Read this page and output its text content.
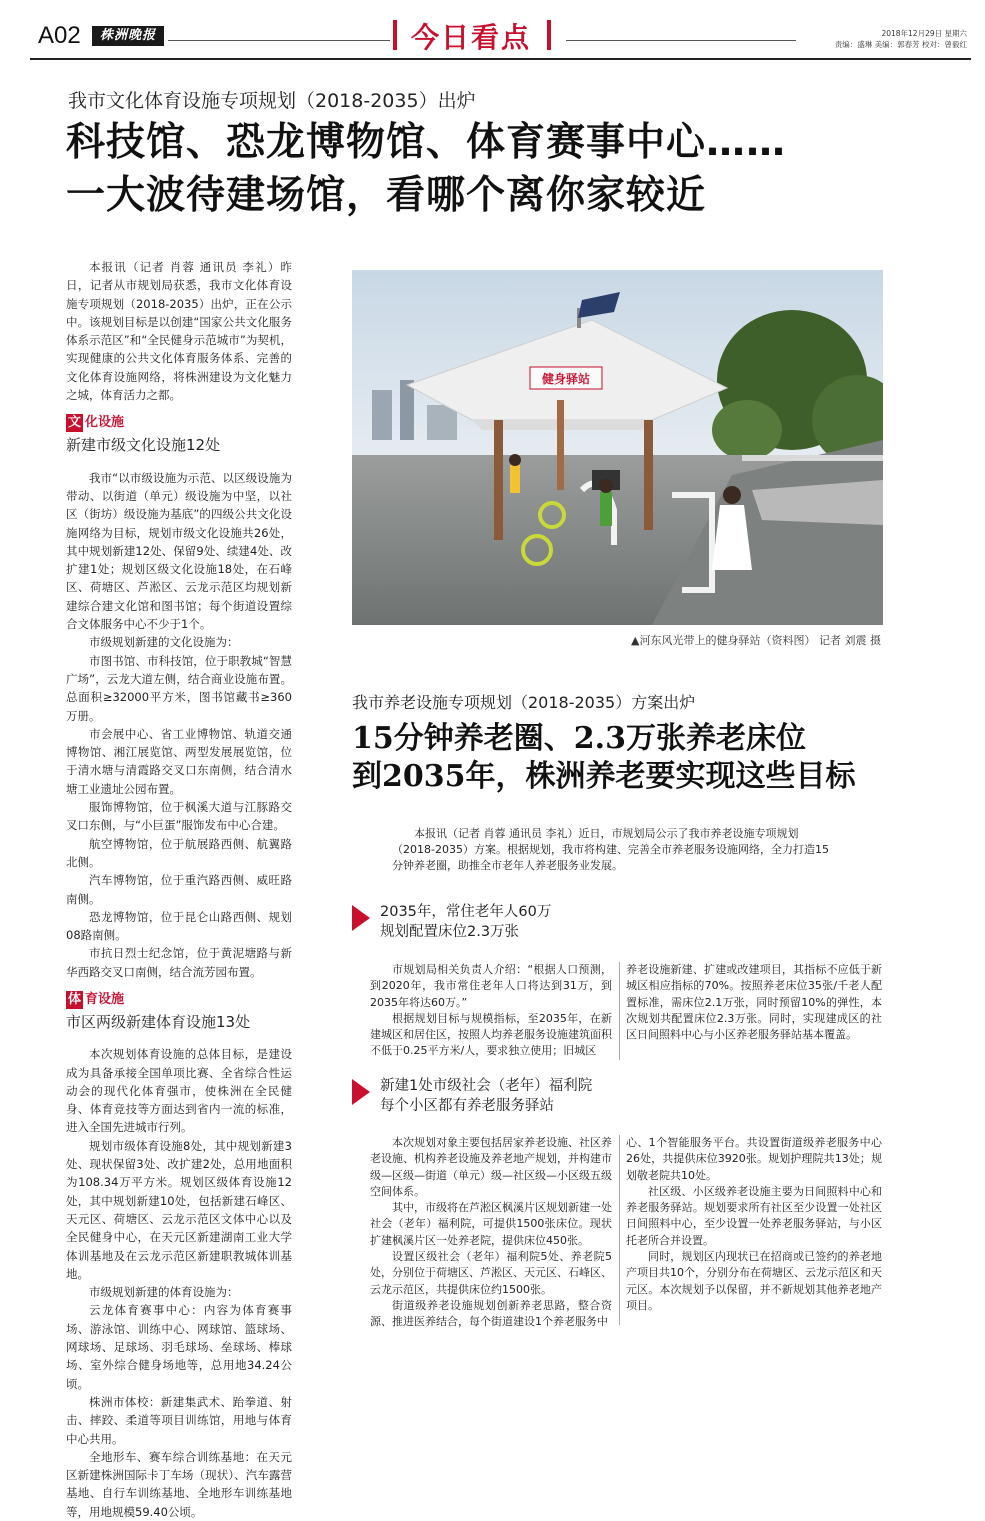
A02	株洲晚报	今日看点	2018年12月29日 星期六
责编：盛琳 美编：郭春芳 校对：曾毅红
我市文化体育设施专项规划（2018-2035）出炉
科技馆、恐龙博物馆、体育赛事中心……
一大波待建场馆，看哪个离你家较近

本报讯（记者 肖蓉 通讯员 李礼）昨日，记者从市规划局获悉，我市文化体育设施专项规划（2018-2035）出炉，正在公示中。该规划目标是以创建“国家公共文化服务体系示范区”和“全民健身示范城市”为契机，实现健康的公共文化体育服务体系、完善的文化体育设施网络，将株洲建设为文化魅力之城，体育活力之都。

文 化设施
新建市级文化设施12处

我市“以市级设施为示范、以区级设施为带动、以街道（单元）级设施为中坚，以社区（街坊）级设施为基底”的四级公共文化设施网络为目标，规划市级文化设施共26处，其中规划新建12处、保留9处、续建4处、改扩建1处；规划区级文化设施18处，在石峰区、荷塘区、芦淞区、云龙示范区均规划新建综合建文化馆和图书馆；每个街道设置综合文体服务中心不少于1个。

市级规划新建的文化设施为：

市图书馆、市科技馆，位于职教城“智慧广场”，云龙大道左侧，结合商业设施布置。总面积≥32000平方米，图书馆藏书≥360万册。

市会展中心、省工业博物馆、轨道交通博物馆、湘江展览馆、两型发展展览馆，位于清水塘与清霞路交叉口东南侧，结合清水塘工业遗址公园布置。

服饰博物馆，位于枫溪大道与江豚路交叉口东侧，与“小巨蛋”服饰发布中心合建。

航空博物馆，位于航展路西侧、航翼路北侧。

汽车博物馆，位于重汽路西侧、威旺路南侧。

恐龙博物馆，位于昆仑山路西侧、规划08路南侧。

市抗日烈士纪念馆，位于黄泥塘路与新华西路交叉口南侧，结合流芳园布置。

体 育设施
市区两级新建体育设施13处

本次规划体育设施的总体目标，是建设成为具备承接全国单项比赛、全省综合性运动会的现代化体育强市，使株洲在全民健身、体育竞技等方面达到省内一流的标准，进入全国先进城市行列。

规划市级体育设施8处，其中规划新建3处、现状保留3处、改扩建2处，总用地面积为108.34万平方米。规划区级体育设施12处，其中规划新建10处，包括新建石峰区、天元区、荷塘区、云龙示范区文体中心以及全民健身中心，在天元区新建湖南工业大学体训基地及在云龙示范区新建职教城体训基地。

市级规划新建的体育设施为：

云龙体育赛事中心：内容为体育赛事场、游泳馆、训练中心、网球馆、篮球场、网球场、足球场、羽毛球场、垒球场、棒球场、室外综合健身场地等，总用地34.24公顷。

株洲市体校：新建集武术、跆拳道、射击、摔跤、柔道等项目训练馆，用地与体育中心共用。

全地形车、赛车综合训练基地：在天元区新建株洲国际卡丁车场（现状）、汽车露营基地、自行车训练基地、全地形车训练基地等，用地规模59.40公顷。

健身驿站
▲河东风光带上的健身驿站（资料图） 记者 刘震 摄
我市养老设施专项规划（2018-2035）方案出炉
15分钟养老圈、2.3万张养老床位
到2035年，株洲养老要实现这些目标

本报讯（记者 肖蓉 通讯员 李礼）近日，市规划局公示了我市养老设施专项规划（2018-2035）方案。根据规划，我市将构建、完善全市养老服务设施网络，全力打造15分钟养老圈，助推全市老年人养老服务业发展。

2035年，常住老年人60万
规划配置床位2.3万张

市规划局相关负责人介绍：“根据人口预测，到2020年，我市常住老年人口将达到31万，到2035年将达60万。”

根据规划目标与规模指标，至2035年，在新建城区和居住区，按照人均养老服务设施建筑面积不低于0.25平方米/人，要求独立使用；旧城区

养老设施新建、扩建或改建项目，其指标不应低于新城区相应指标的70%。按照养老床位35张/千老人配置标准，需床位2.1万张，同时预留10%的弹性，本次规划共配置床位2.3万张。同时，实现建成区的社区日间照料中心与小区养老服务驿站基本覆盖。

新建1处市级社会（老年）福利院
每个小区都有养老服务驿站

本次规划对象主要包括居家养老设施、社区养老设施、机构养老设施及养老地产规划，并构建市级—区级—街道（单元）级—社区级—小区级五级空间体系。

其中，市级将在芦淞区枫溪片区规划新建一处社会（老年）福利院，可提供1500张床位。现状扩建枫溪片区一处养老院，提供床位450张。

设置区级社会（老年）福利院5处、养老院5处，分别位于荷塘区、芦淞区、天元区、石峰区、云龙示范区，共提供床位约1500张。

街道级养老设施规划创新养老思路，整合资源、推进医养结合，每个街道建设1个养老服务中

心、1个智能服务平台。共设置街道级养老服务中心26处，共提供床位3920张。规划护理院共13处；规划敬老院共10处。

社区级、小区级养老设施主要为日间照料中心和养老服务驿站。规划要求所有社区至少设置一处社区日间照料中心，至少设置一处养老服务驿站，与小区托老所合并设置。

同时，规划区内现状已在招商或已签约的养老地产项目共10个，分别分布在荷塘区、云龙示范区和天元区。本次规划予以保留，并不新规划其他养老地产项目。
